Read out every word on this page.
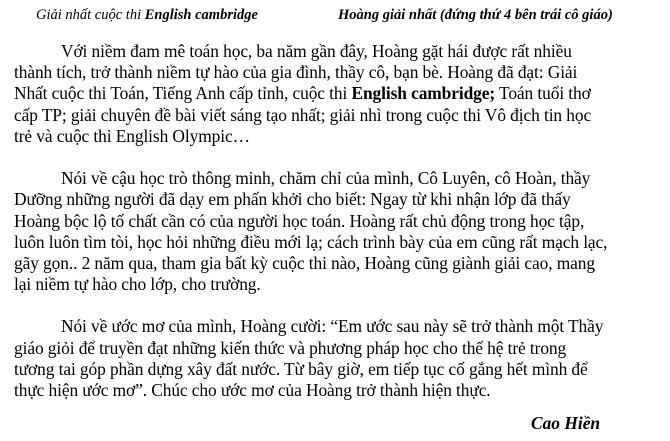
Giải nhất cuộc thi English cambridge	Hoàng giải nhất (đứng thứ 4 bên trái cô giáo)
Với niềm đam mê toán học, ba năm gần đây, Hoàng gặt hái được rất nhiều
thành tích, trở thành niềm tự hào của gia đình, thầy cô, bạn bè. Hoàng đã đạt: Giải
Nhất cuộc thi Toán, Tiếng Anh cấp tỉnh, cuộc thi English cambridge; Toán tuổi thơ
cấp TP; giải chuyên đề bài viết sáng tạo nhất; giải nhì trong cuộc thi Vô địch tin học
trẻ và cuộc thi English Olympic…
Nói về cậu học trò thông minh, chăm chỉ của mình, Cô Luyên, cô Hoàn, thầy
Dưỡng những người đã dạy em phấn khởi cho biết: Ngay từ khi nhận lớp đã thấy
Hoàng bộc lộ tố chất cần có của người học toán. Hoàng rất chủ động trong học tập,
luôn luôn tìm tòi, học hỏi những điều mới lạ; cách trình bày của em cũng rất mạch lạc,
gãy gọn.. 2 năm qua, tham gia bất kỳ cuộc thi nào, Hoàng cũng giành giải cao, mang
lại niềm tự hào cho lớp, cho trường.
Nói về ước mơ của mình, Hoàng cười: “Em ước sau này sẽ trở thành một Thầy
giáo giỏi để truyền đạt những kiến thức và phương pháp học cho thế hệ trẻ trong
tương tai góp phần dựng xây đất nước. Từ bây giờ, em tiếp tục cố gắng hết mình để
thực hiện ước mơ”. Chúc cho ước mơ của Hoàng trở thành hiện thực.
Cao Hiền
